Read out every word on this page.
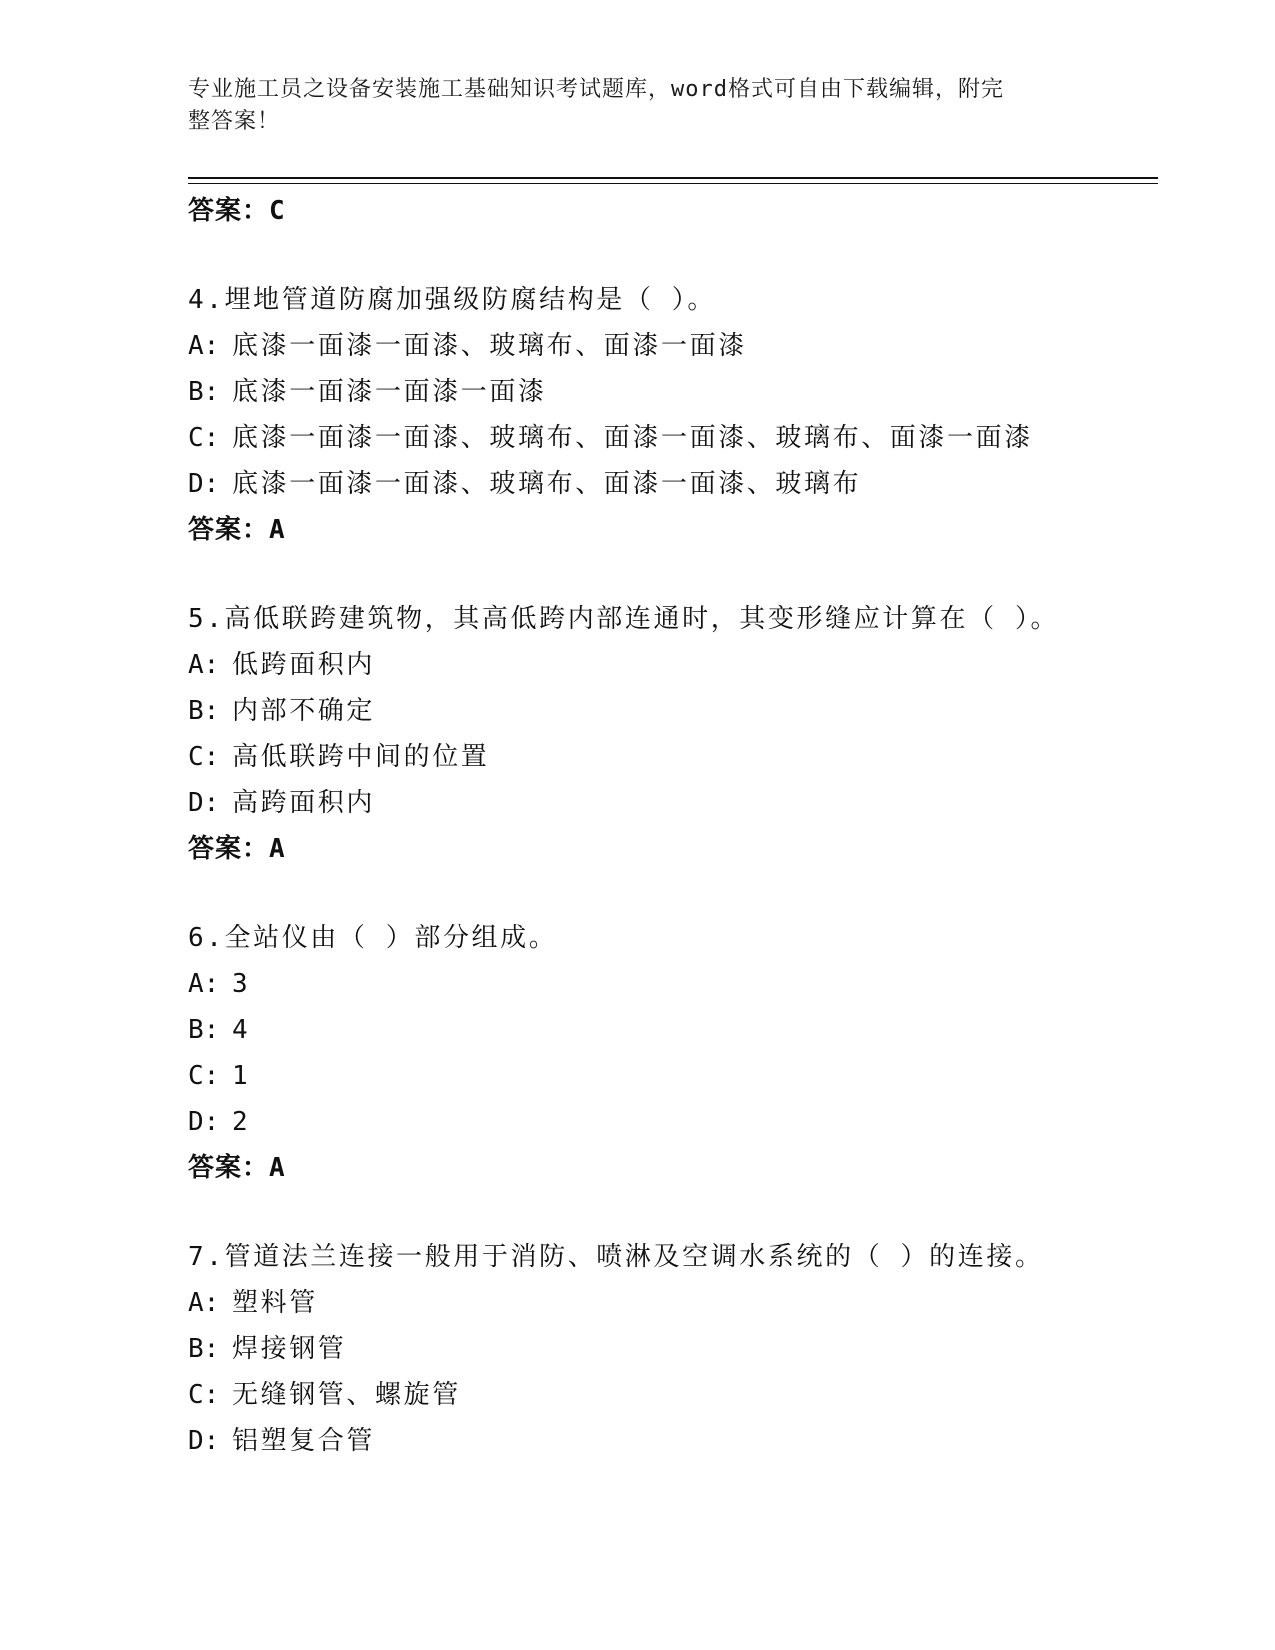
专业施工员之设备安装施工基础知识考试题库，word格式可自由下载编辑，附完
整答案！
答案：C
4.埋地管道防腐加强级防腐结构是（ ）。
A: 底漆一面漆一面漆、玻璃布、面漆一面漆
B: 底漆一面漆一面漆一面漆
C: 底漆一面漆一面漆、玻璃布、面漆一面漆、玻璃布、面漆一面漆
D: 底漆一面漆一面漆、玻璃布、面漆一面漆、玻璃布
答案：A
5.高低联跨建筑物，其高低跨内部连通时，其变形缝应计算在（ ）。
A: 低跨面积内
B: 内部不确定
C: 高低联跨中间的位置
D: 高跨面积内
答案：A
6.全站仪由（ ）部分组成。
A: 3
B: 4
C: 1
D: 2
答案：A
7.管道法兰连接一般用于消防、喷淋及空调水系统的（ ）的连接。
A: 塑料管
B: 焊接钢管
C: 无缝钢管、螺旋管
D: 铝塑复合管
